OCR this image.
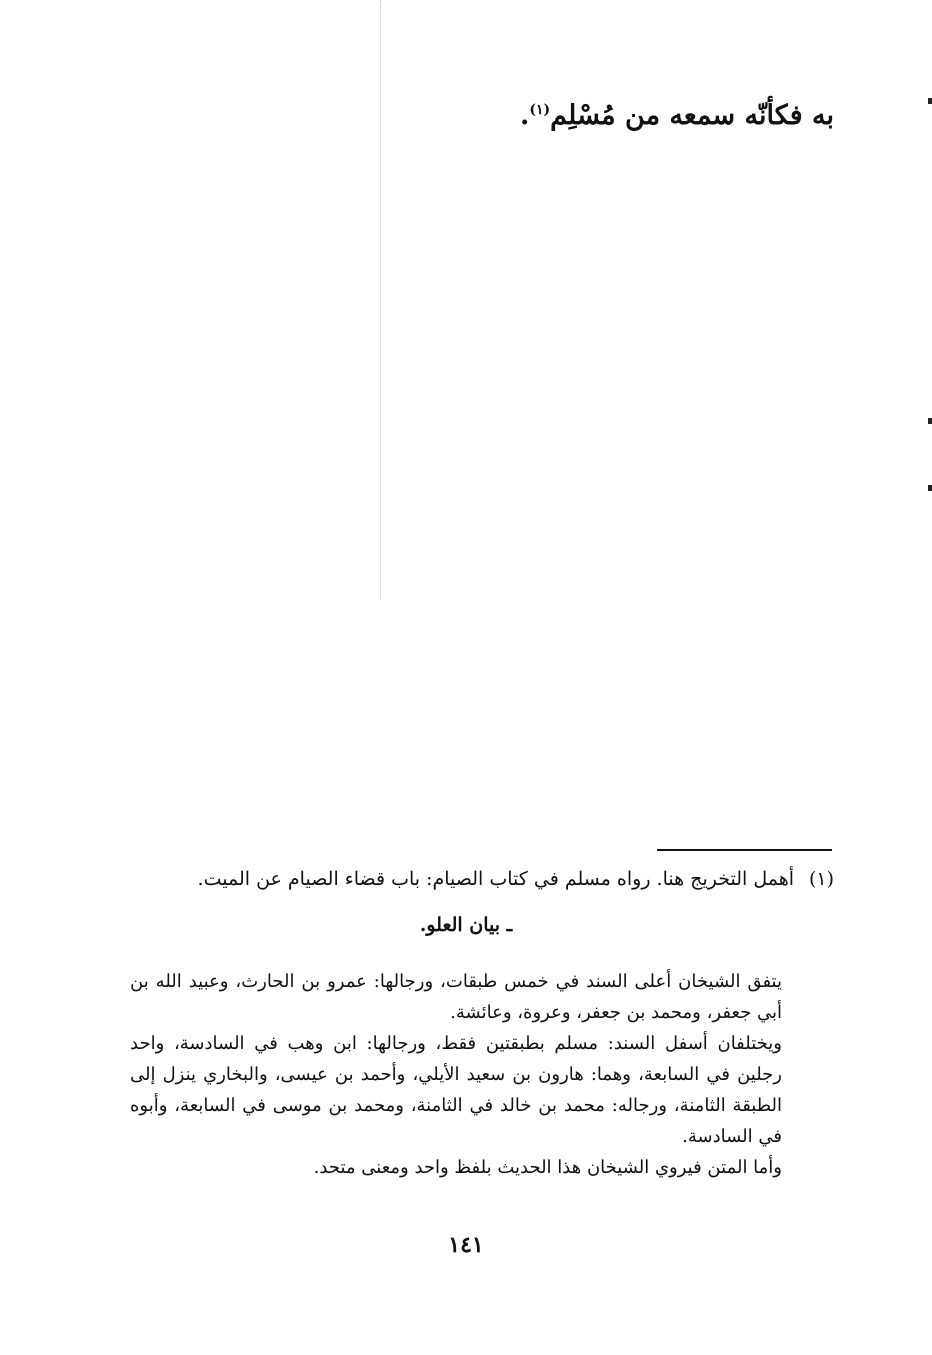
به فكأنّه سمعه من مُسْلِم$^{(١)}$.
(١)أهمل التخريج هنا. رواه مسلم في كتاب الصيام: باب قضاء الصيام عن الميت.
ـ بيان العلو.

يتفق الشيخان أعلى السند في خمس طبقات، ورجالها: عمرو بن الحارث، وعبيد الله بن أبي جعفر، ومحمد بن جعفر، وعروة، وعائشة.

ويختلفان أسفل السند: مسلم بطبقتين فقط، ورجالها: ابن وهب في السادسة، واحد رجلين في السابعة، وهما: هارون بن سعيد الأيلي، وأحمد بن عيسى، والبخاري ينزل إلى الطبقة الثامنة، ورجاله: محمد بن خالد في الثامنة، ومحمد بن موسى في السابعة، وأبوه في السادسة.

وأما المتن فيروي الشيخان هذا الحديث بلفظ واحد ومعنى متحد.

١٤١
